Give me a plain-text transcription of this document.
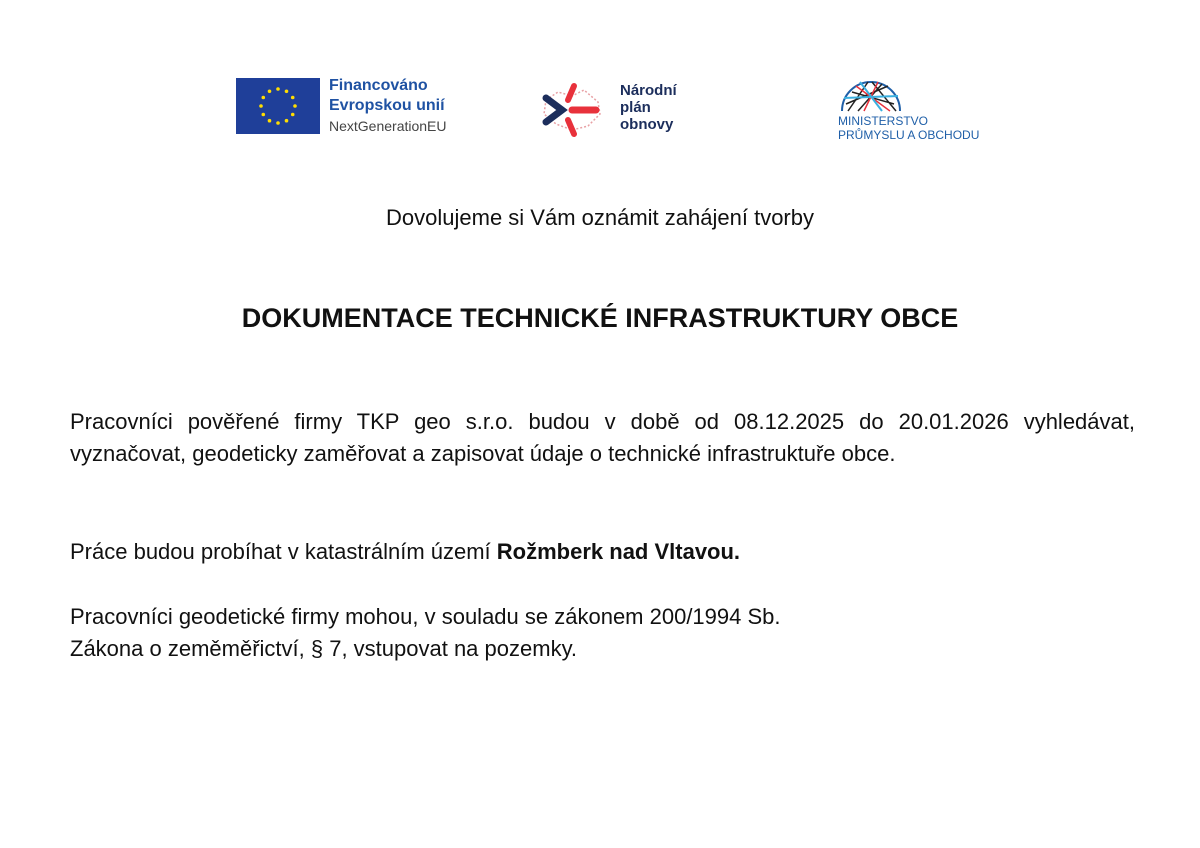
Financováno
Evropskou unií
NextGenerationEU
Národní
plán
obnovy	MINISTERSTVO
PRŮMYSLU A OBCHODU
Dovolujeme si Vám oznámit zahájení tvorby
DOKUMENTACE TECHNICKÉ INFRASTRUKTURY OBCE
Pracovníci pověřené firmy TKP geo s.r.o. budou v době od 08.12.2025 do 20.01.2026 vyhledávat, vyznačovat, geodeticky zaměřovat a zapisovat údaje o technické infrastruktuře obce.
Práce budou probíhat v katastrálním území Rožmberk nad Vltavou.
Pracovníci geodetické firmy mohou, v souladu se zákonem 200/1994 Sb.
Zákona o zeměměřictví, § 7, vstupovat na pozemky.
